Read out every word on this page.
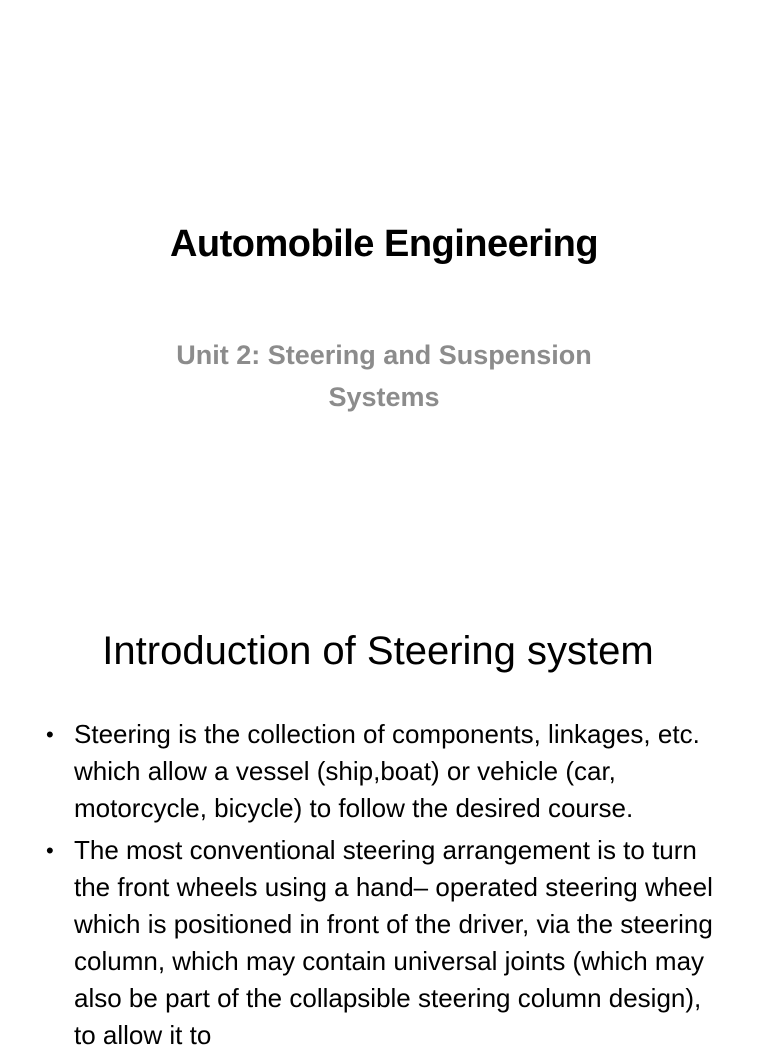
Automobile Engineering
Unit 2: Steering and Suspension Systems
Introduction of Steering system
• Steering is the collection of components, linkages, etc. which allow a vessel (ship,boat) or vehicle (car, motorcycle, bicycle) to follow the desired course.
• The most conventional steering arrangement is to turn the front wheels using a hand– operated steering wheel which is positioned in front of the driver, via the steering column, which may contain universal joints (which may also be part of the collapsible steering column design), to allow it to
